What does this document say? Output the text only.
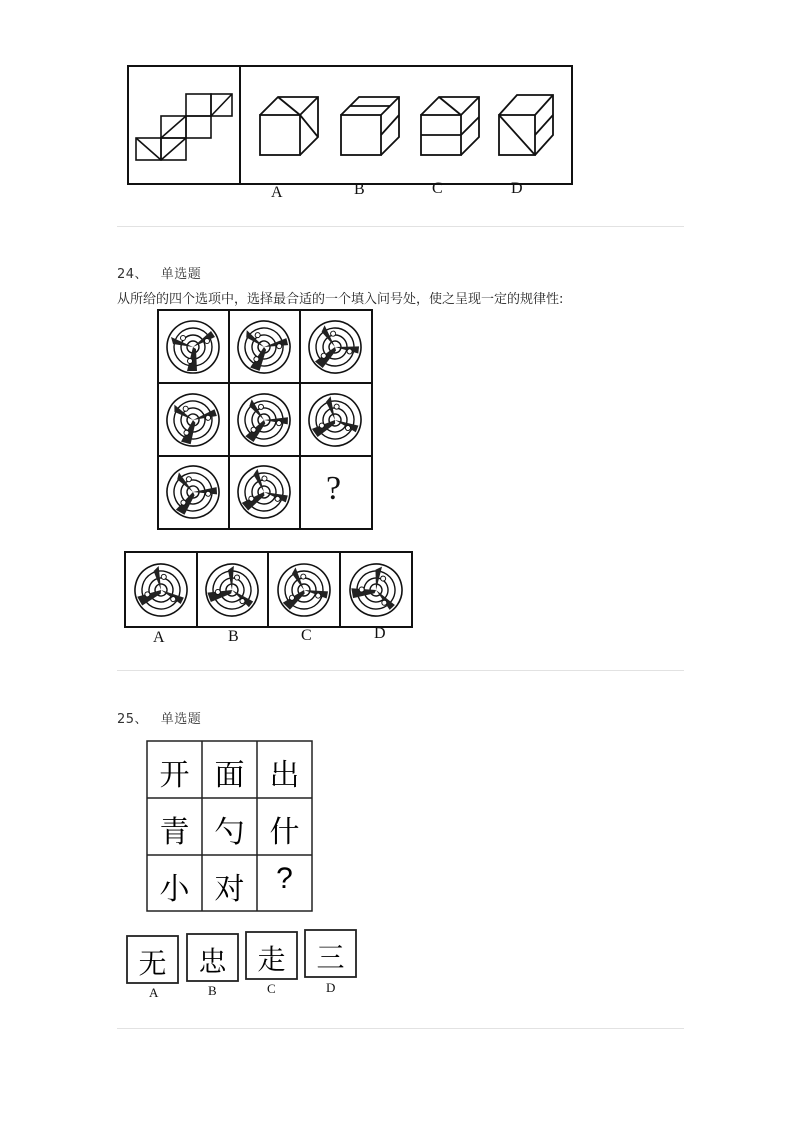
A	B	C	D
24、 单选题
从所给的四个选项中，选择最合适的一个填入问号处，使之呈现一定的规律性:
?
A	B	C	D
25、 单选题
开 面 出
青 勺 什
小 对	?
无	忠	走	三
A	B	C	D
